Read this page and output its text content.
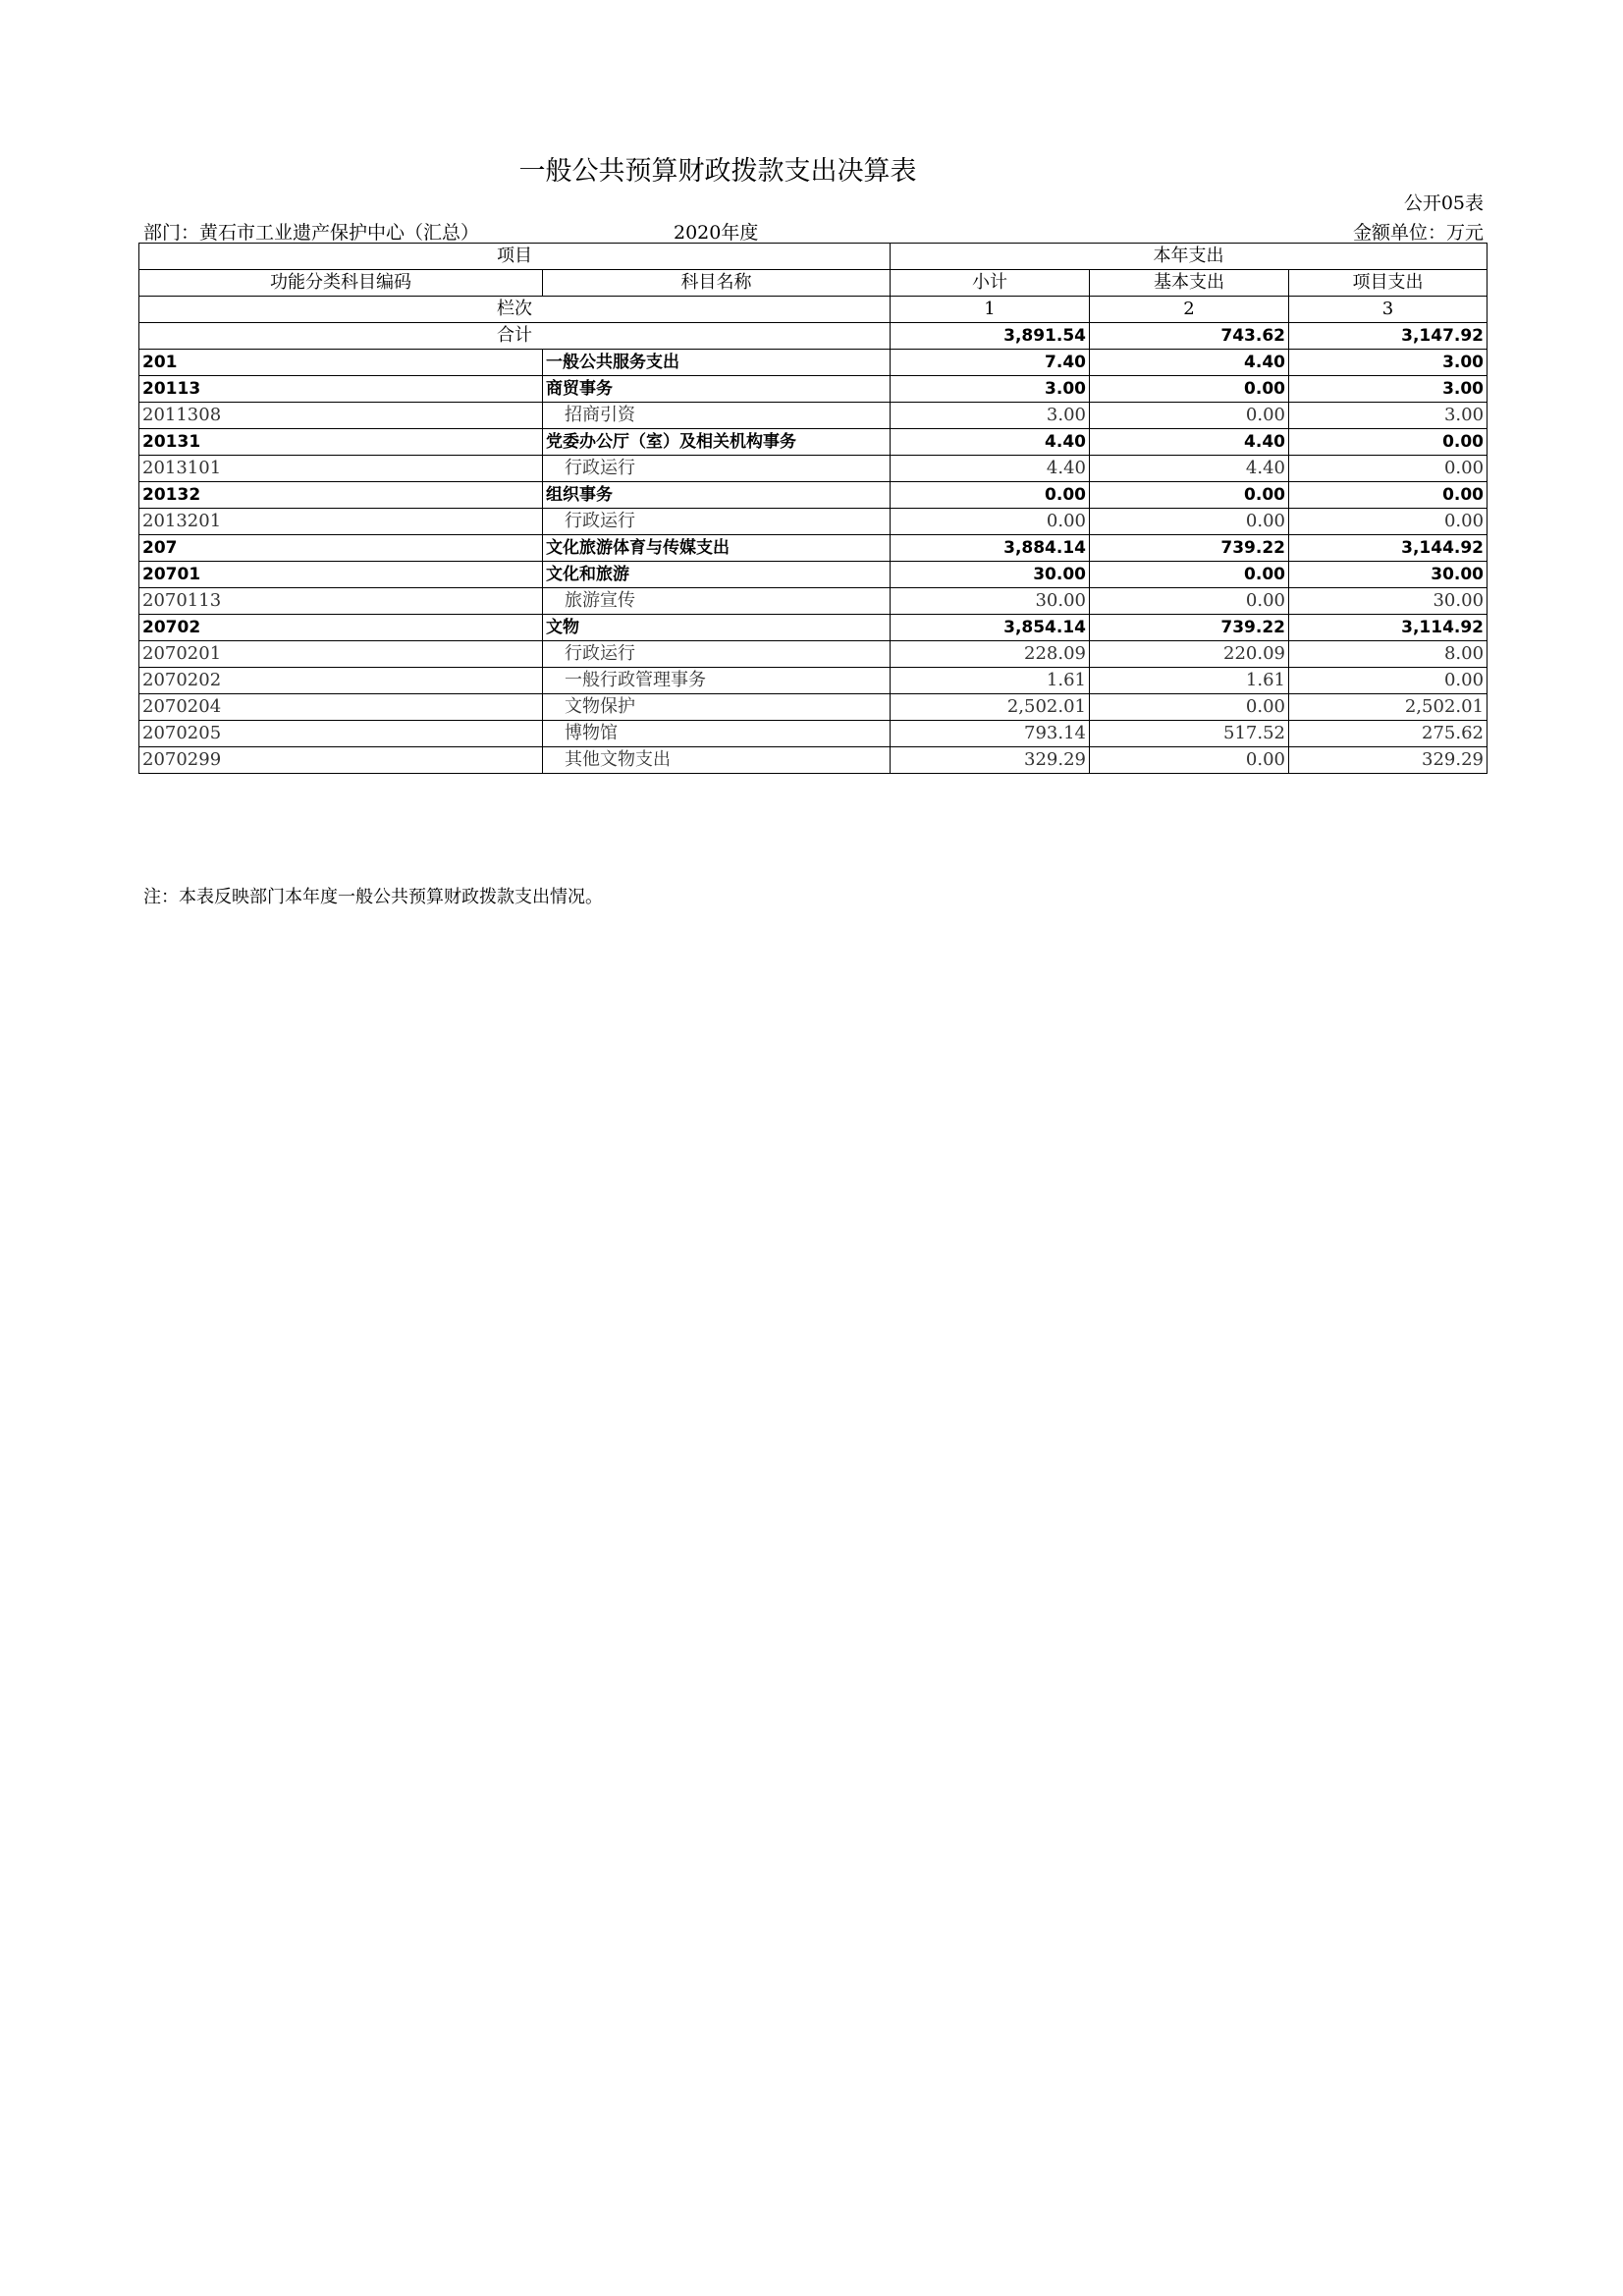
一般公共预算财政拨款支出决算表
公开05表
部门：黄石市工业遗产保护中心（汇总）	2020年度	金额单位：万元
项目		本年支出		
功能分类科目编码	科目名称	小计	基本支出	项目支出
栏次		1	2	3
合计		3,891.54	743.62	3,147.92
201	一般公共服务支出	7.40	4.40	3.00
20113	商贸事务	3.00	0.00	3.00
2011308	招商引资	3.00	0.00	3.00
20131	党委办公厅（室）及相关机构事务	4.40	4.40	0.00
2013101	行政运行	4.40	4.40	0.00
20132	组织事务	0.00	0.00	0.00
2013201	行政运行	0.00	0.00	0.00
207	文化旅游体育与传媒支出	3,884.14	739.22	3,144.92
20701	文化和旅游	30.00	0.00	30.00
2070113	旅游宣传	30.00	0.00	30.00
20702	文物	3,854.14	739.22	3,114.92
2070201	行政运行	228.09	220.09	8.00
2070202	一般行政管理事务	1.61	1.61	0.00
2070204	文物保护	2,502.01	0.00	2,502.01
2070205	博物馆	793.14	517.52	275.62
2070299	其他文物支出	329.29	0.00	329.29
注：本表反映部门本年度一般公共预算财政拨款支出情况。
